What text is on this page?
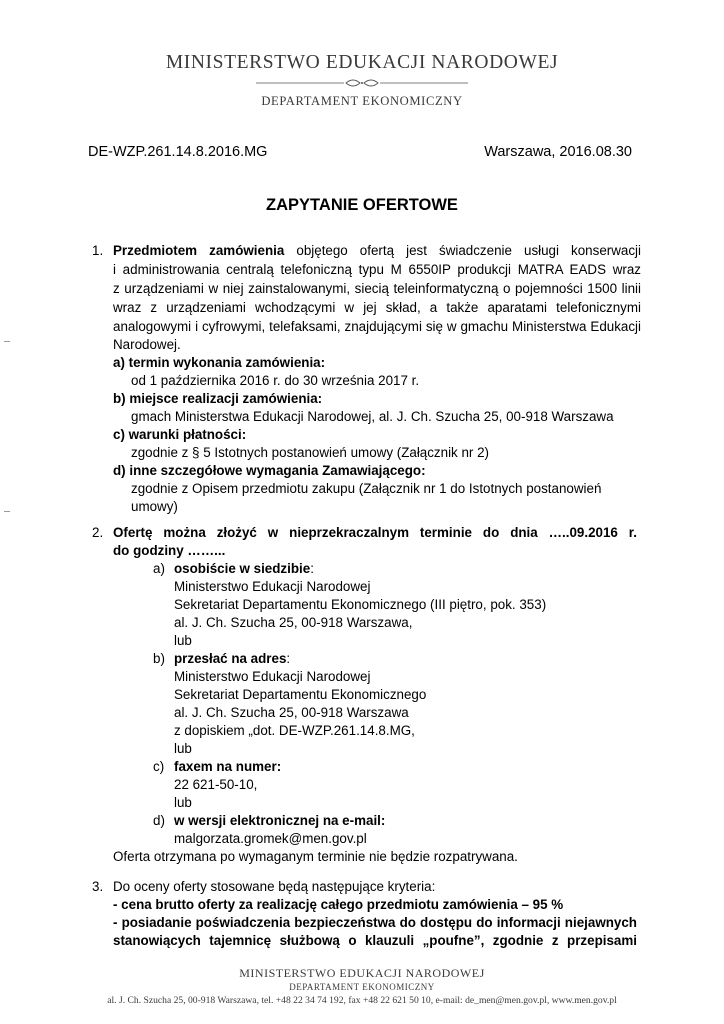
MINISTERSTWO EDUKACJI NARODOWEJ
DEPARTAMENT EKONOMICZNY
DE-WZP.261.14.8.2016.MG	Warszawa, 2016.08.30
ZAPYTANIE OFERTOWE
1. Przedmiotem zamówienia objętego ofertą jest świadczenie usługi konserwacji
i administrowania centralą telefoniczną typu M 6550IP produkcji MATRA EADS wraz
z urządzeniami w niej zainstalowanymi, siecią teleinformatyczną o pojemności 1500 linii
wraz z urządzeniami wchodzącymi w jej skład, a także aparatami telefonicznymi
analogowymi i cyfrowymi, telefaksami, znajdującymi się w gmachu Ministerstwa Edukacji
Narodowej.
a) termin wykonania zamówienia:
od 1 października 2016 r. do 30 września 2017 r.
b) miejsce realizacji zamówienia:
gmach Ministerstwa Edukacji Narodowej, al. J. Ch. Szucha 25, 00-918 Warszawa
c) warunki płatności:
zgodnie z § 5 Istotnych postanowień umowy (Załącznik nr 2)
d) inne szczegółowe wymagania Zamawiającego:
zgodnie z Opisem przedmiotu zakupu (Załącznik nr 1 do Istotnych postanowień
umowy)
2. Ofertę można złożyć w nieprzekraczalnym terminie do dnia …..09.2016 r.
do godziny ……...
a) osobiście w siedzibie:
Ministerstwo Edukacji Narodowej
Sekretariat Departamentu Ekonomicznego (III piętro, pok. 353)
al. J. Ch. Szucha 25, 00-918 Warszawa,
lub
b) przesłać na adres:
Ministerstwo Edukacji Narodowej
Sekretariat Departamentu Ekonomicznego
al. J. Ch. Szucha 25, 00-918 Warszawa
z dopiskiem „dot. DE-WZP.261.14.8.MG,
lub
c) faxem na numer:
22 621-50-10,
lub
d) w wersji elektronicznej na e-mail:
malgorzata.gromek@men.gov.pl
Oferta otrzymana po wymaganym terminie nie będzie rozpatrywana.
3. Do oceny oferty stosowane będą następujące kryteria:
- cena brutto oferty za realizację całego przedmiotu zamówienia – 95 %
- posiadanie poświadczenia bezpieczeństwa do dostępu do informacji niejawnych
stanowiących tajemnicę służbową o klauzuli „poufne”, zgodnie z przepisami
MINISTERSTWO EDUKACJI NARODOWEJ
DEPARTAMENT EKONOMICZNY
al. J. Ch. Szucha 25, 00-918 Warszawa, tel. +48 22 34 74 192, fax +48 22 621 50 10, e-mail: de_men@men.gov.pl, www.men.gov.pl
